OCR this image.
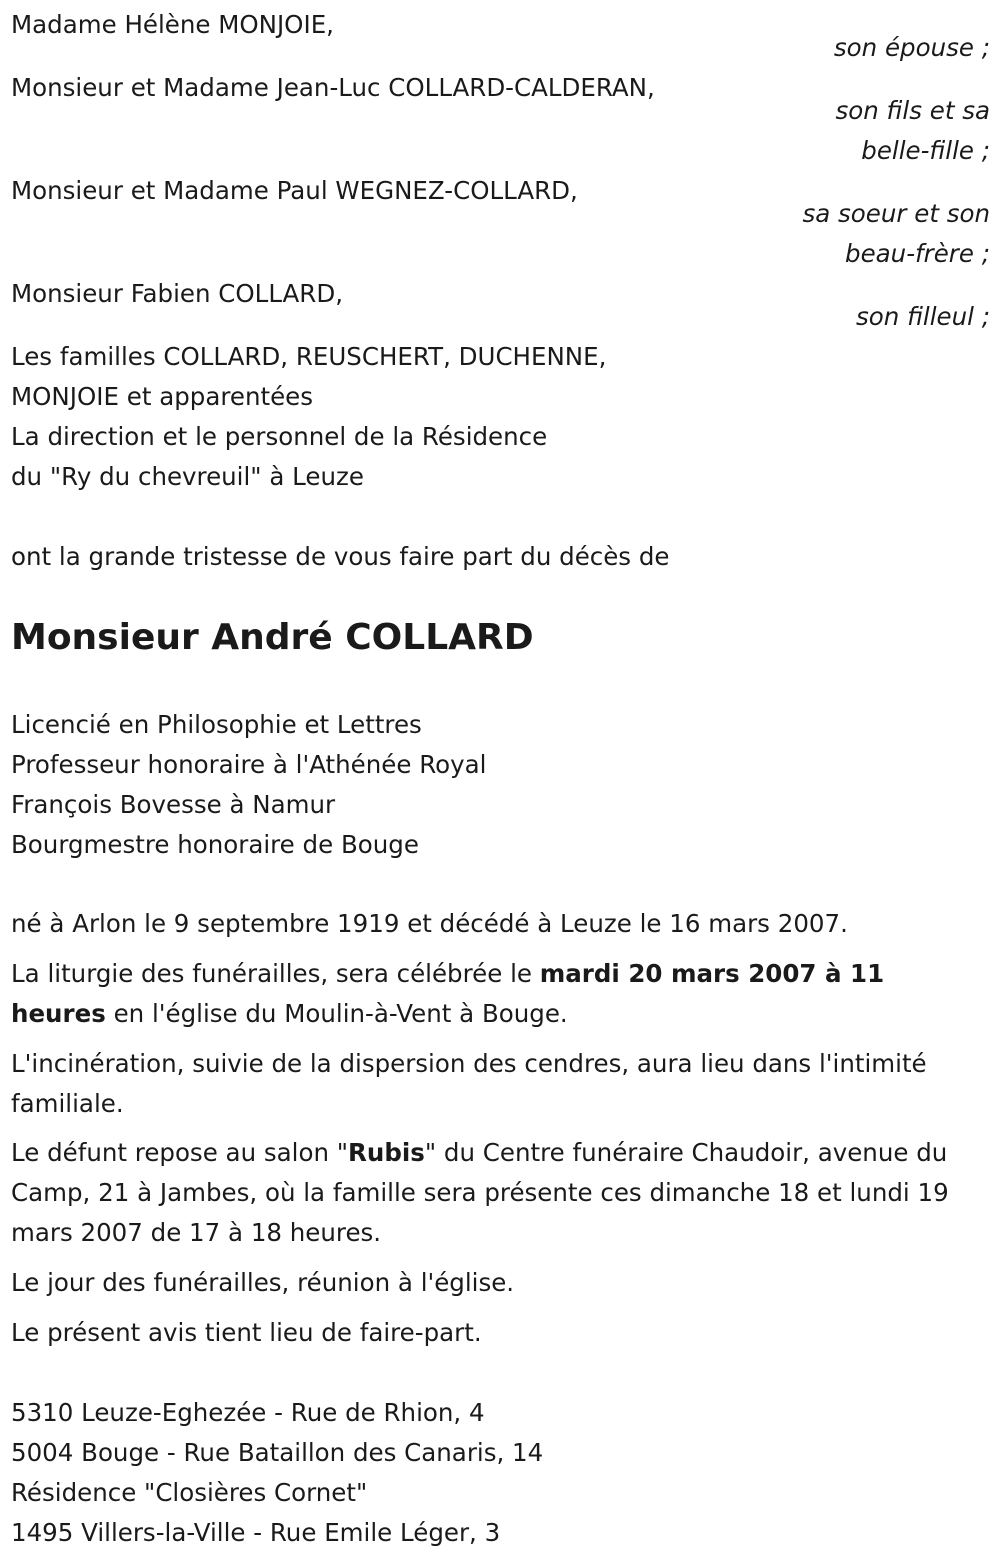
Madame Hélène MONJOIE,
son épouse ;
Monsieur et Madame Jean-Luc COLLARD-CALDERAN,
son fils et sa belle-fille ;
Monsieur et Madame Paul WEGNEZ-COLLARD,
sa soeur et son beau-frère ;
Monsieur Fabien COLLARD,
son filleul ;
Les familles COLLARD, REUSCHERT, DUCHENNE,
MONJOIE et apparentées
La direction et le personnel de la Résidence
du "Ry du chevreuil" à Leuze
ont la grande tristesse de vous faire part du décès de
Monsieur André COLLARD
Licencié en Philosophie et Lettres
Professeur honoraire à l'Athénée Royal
François Bovesse à Namur
Bourgmestre honoraire de Bouge
né à Arlon le 9 septembre 1919 et décédé à Leuze le 16 mars 2007.

La liturgie des funérailles, sera célébrée le mardi 20 mars 2007 à 11 heures en l'église du Moulin-à-Vent à Bouge.

L'incinération, suivie de la dispersion des cendres, aura lieu dans l'intimité familiale.

Le défunt repose au salon "Rubis" du Centre funéraire Chaudoir, avenue du Camp, 21 à Jambes, où la famille sera présente ces dimanche 18 et lundi 19 mars 2007 de 17 à 18 heures.

Le jour des funérailles, réunion à l'église.
Le présent avis tient lieu de faire-part.
5310 Leuze-Eghezée - Rue de Rhion, 4
5004 Bouge - Rue Bataillon des Canaris, 14
Résidence "Closières Cornet"
1495 Villers-la-Ville - Rue Emile Léger, 3
